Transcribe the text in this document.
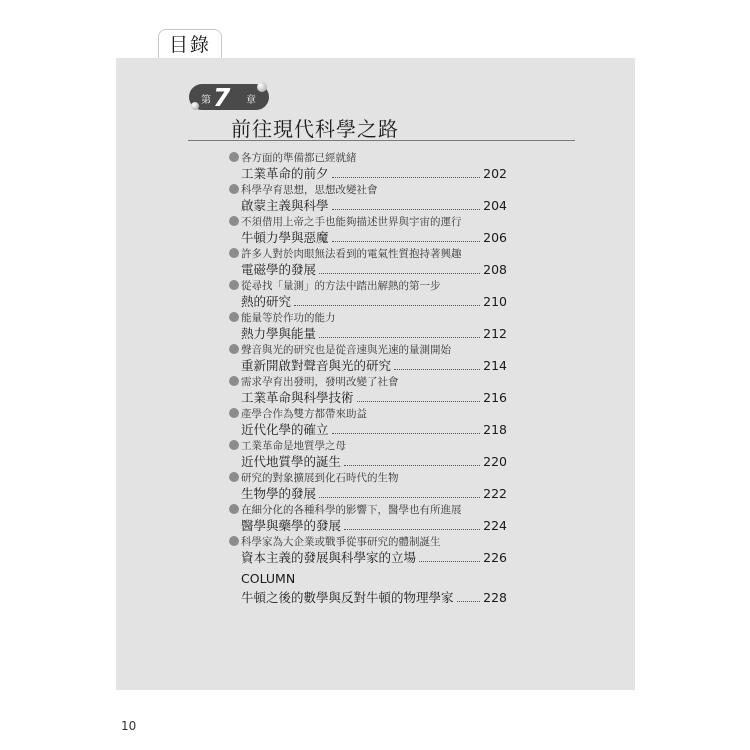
目錄
第 7 章
前往現代科學之路
各方面的準備都已經就緒
工業革命的前夕	202
科學孕育思想，思想改變社會
啟蒙主義與科學	204
不須借用上帝之手也能夠描述世界與宇宙的運行
牛頓力學與惡魔	206
許多人對於肉眼無法看到的電氣性質抱持著興趣
電磁學的發展	208
從尋找「量測」的方法中踏出解熱的第一步
熱的研究	210
能量等於作功的能力
熱力學與能量	212
聲音與光的研究也是從音速與光速的量測開始
重新開啟對聲音與光的研究	214
需求孕育出發明，發明改變了社會
工業革命與科學技術	216
產學合作為雙方都帶來助益
近代化學的確立	218
工業革命是地質學之母
近代地質學的誕生	220
研究的對象擴展到化石時代的生物
生物學的發展	222
在細分化的各種科學的影響下，醫學也有所進展
醫學與藥學的發展	224
科學家為大企業或戰爭從事研究的體制誕生
資本主義的發展與科學家的立場	226
COLUMN
牛頓之後的數學與反對牛頓的物理學家 228
10
